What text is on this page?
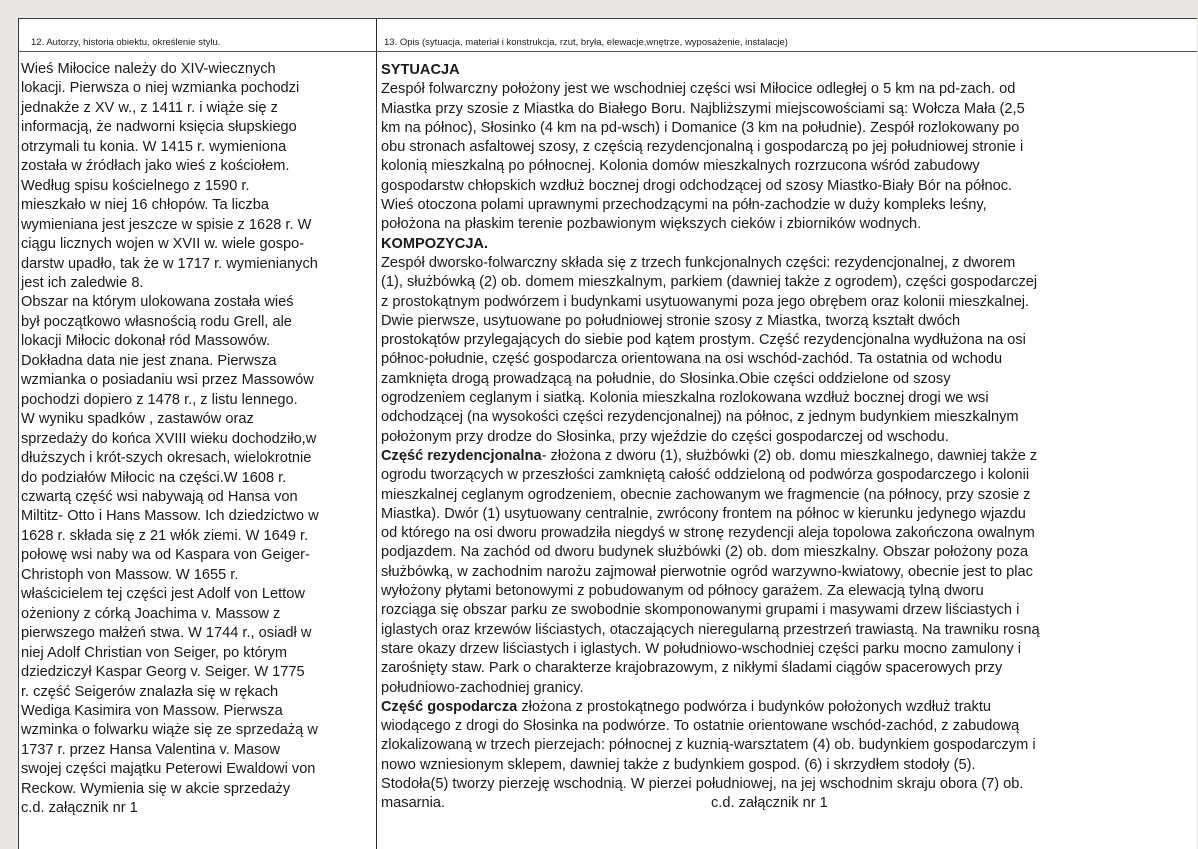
12. Autorzy, historia obiektu, określenie stylu.	13. Opis (sytuacja, materiał i konstrukcja, rzut, bryła, elewacje,wnętrze, wyposażenie, instalacje)
Wieś Miłocice należy do XIV-wiecznych
lokacji. Pierwsza o niej wzmianka pochodzi
jednakże z XV w., z 1411 r. i wiąże się z
informacją, że nadworni księcia słupskiego
otrzymali tu konia. W 1415 r. wymieniona
została w źródłach jako wieś z kościołem.
Według spisu kościelnego z 1590 r.
mieszkało w niej 16 chłopów. Ta liczba
wymieniana jest jeszcze w spisie z 1628 r. W
ciągu licznych wojen w XVII w. wiele gospo-
darstw upadło, tak że w 1717 r. wymienianych
jest ich zaledwie 8.
Obszar na którym ulokowana została wieś
był początkowo własnością rodu Grell, ale
lokacji Miłocic dokonał ród Massowów.
Dokładna data nie jest znana. Pierwsza
wzmianka o posiadaniu wsi przez Massowów
pochodzi dopiero z 1478 r., z listu lennego.
W wyniku spadków , zastawów oraz
sprzedaży do końca XVIII wieku dochodziło,w
dłuższych i krót-szych okresach, wielokrotnie
do podziałów Miłocic na części.W 1608 r.
czwartą część wsi nabywają od Hansa von
Miltitz- Otto i Hans Massow. Ich dziedzictwo w
1628 r. składa się z 21 włók ziemi. W 1649 r.
połowę wsi naby wa od Kaspara von Geiger-
Christoph von Massow. W 1655 r.
właścicielem tej części jest Adolf von Lettow
ożeniony z córką Joachima v. Massow z
pierwszego małżeń stwa. W 1744 r., osiadł w
niej Adolf Christian von Seiger, po którym
dziedziczył Kaspar Georg v. Seiger. W 1775
r. część Seigerów znalazła się w rękach
Wediga Kasimira von Massow. Pierwsza
wzminka o folwarku wiąże się ze sprzedażą w
1737 r. przez Hansa Valentina v. Masow
swojej części majątku Peterowi Ewaldowi von
Reckow. Wymienia się w akcie sprzedaży
c.d. załącznik nr 1
SYTUACJA
Zespół folwarczny położony jest we wschodniej części wsi Miłocice odległej o 5 km na pd-zach. od
Miastka przy szosie z Miastka do Białego Boru. Najbliższymi miejscowościami są: Wołcza Mała (2,5
km na północ), Słosinko (4 km na pd-wsch) i Domanice (3 km na południe). Zespół rozlokowany po
obu stronach asfaltowej szosy, z częścią rezydencjonalną i gospodarczą po jej południowej stronie i
kolonią mieszkalną po północnej. Kolonia domów mieszkalnych rozrzucona wśród zabudowy
gospodarstw chłopskich wzdłuż bocznej drogi odchodzącej od szosy Miastko-Biały Bór na północ.
Wieś otoczona polami uprawnymi przechodzącymi na półn-zachodzie w duży kompleks leśny,
położona na płaskim terenie pozbawionym większych cieków i zbiorników wodnych.
KOMPOZYCJA.
Zespół dworsko-folwarczny składa się z trzech funkcjonalnych części: rezydencjonalnej, z dworem
(1), służbówką (2) ob. domem mieszkalnym, parkiem (dawniej także z ogrodem), części gospodarczej
z prostokątnym podwórzem i budynkami usytuowanymi poza jego obrębem oraz kolonii mieszkalnej.
Dwie pierwsze, usytuowane po południowej stronie szosy z Miastka, tworzą kształt dwóch
prostokątów przylegających do siebie pod kątem prostym. Część rezydencjonalna wydłużona na osi
północ-południe, część gospodarcza orientowana na osi wschód-zachód. Ta ostatnia od wchodu
zamknięta drogą prowadzącą na południe, do Słosinka.Obie części oddzielone od szosy
ogrodzeniem ceglanym i siatką. Kolonia mieszkalna rozlokowana wzdłuż bocznej drogi we wsi
odchodzącej (na wysokości części rezydencjonalnej) na północ, z jednym budynkiem mieszkalnym
położonym przy drodze do Słosinka, przy wjeździe do części gospodarczej od wschodu.
Część rezydencjonalna- złożona z dworu (1), służbówki (2) ob. domu mieszkalnego, dawniej także z
ogrodu tworzących w przeszłości zamkniętą całość oddzieloną od podwórza gospodarczego i kolonii
mieszkalnej ceglanym ogrodzeniem, obecnie zachowanym we fragmencie (na północy, przy szosie z
Miastka). Dwór (1) usytuowany centralnie, zwrócony frontem na północ w kierunku jedynego wjazdu
od którego na osi dworu prowadziła niegdyś w stronę rezydencji aleja topolowa zakończona owalnym
podjazdem. Na zachód od dworu budynek służbówki (2) ob. dom mieszkalny. Obszar położony poza
służbówką, w zachodnim narożu zajmował pierwotnie ogród warzywno-kwiatowy, obecnie jest to plac
wyłożony płytami betonowymi z pobudowanym od północy garażem. Za elewacją tylną dworu
rozciąga się obszar parku ze swobodnie skomponowanymi grupami i masywami drzew liściastych i
iglastych oraz krzewów liściastych, otaczających nieregularną przestrzeń trawiastą. Na trawniku rosną
stare okazy drzew liściastych i iglastych. W południowo-wschodniej części parku mocno zamulony i
zarośnięty staw. Park o charakterze krajobrazowym, z nikłymi śladami ciągów spacerowych przy
południowo-zachodniej granicy.
Część gospodarcza złożona z prostokątnego podwórza i budynków położonych wzdłuż traktu
wiodącego z drogi do Słosinka na podwórze. To ostatnie orientowane wschód-zachód, z zabudową
zlokalizowaną w trzech pierzejach: północnej z kuznią-warsztatem (4) ob. budynkiem gospodarczym i
nowo wzniesionym sklepem, dawniej także z budynkiem gospod. (6) i skrzydłem stodoły (5).
Stodoła(5) tworzy pierzeję wschodnią. W pierzei południowej, na jej wschodnim skraju obora (7) ob.
masarnia.	c.d. załącznik nr 1
